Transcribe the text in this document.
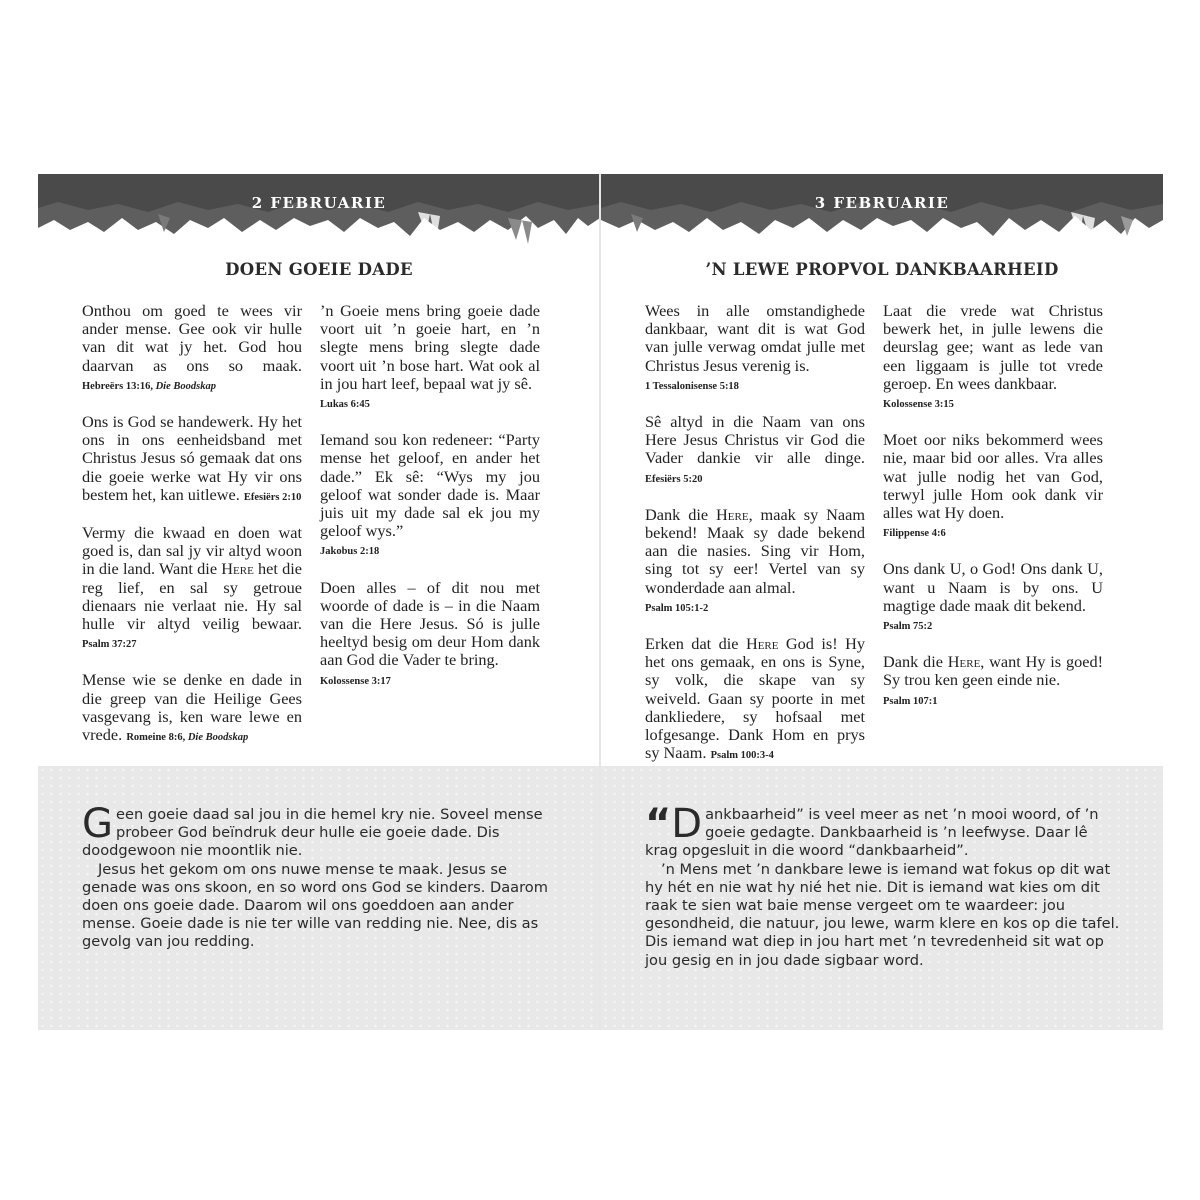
2 FEBRUARIE
DOEN GOEIE DADE
Onthou om goed te wees vir ander mense. Gee ook vir hulle van dit wat jy het. God hou daarvan as ons so maak. Hebreërs 13:16, Die Boodskap
Ons is God se handewerk. Hy het ons in ons eenheidsband met Christus Jesus só gemaak dat ons die goeie werke wat Hy vir ons bestem het, kan uitlewe. Efesiërs 2:10
Vermy die kwaad en doen wat goed is, dan sal jy vir altyd woon in die land. Want die Here het die reg lief, en sal sy getroue dienaars nie verlaat nie. Hy sal hulle vir altyd veilig bewaar. Psalm 37:27
Mense wie se denke en dade in die greep van die Heilige Gees vasgevang is, ken ware lewe en vrede. Romeine 8:6, Die Boodskap
’n Goeie mens bring goeie dade voort uit ’n goeie hart, en ’n slegte mens bring slegte dade voort uit ’n bose hart. Wat ook al in jou hart leef, bepaal wat jy sê.
Lukas 6:45
Iemand sou kon redeneer: “Party mense het geloof, en ander het dade.” Ek sê: “Wys my jou geloof wat sonder dade is. Maar juis uit my dade sal ek jou my geloof wys.”
Jakobus 2:18
Doen alles – of dit nou met woorde of dade is – in die Naam van die Here Jesus. Só is julle heeltyd besig om deur Hom dank aan God die Vader te bring.
Kolossense 3:17

Geen goeie daad sal jou in die hemel kry nie. Soveel mense probeer God beïndruk deur hulle eie goeie dade. Dis doodgewoon nie moontlik nie.

Jesus het gekom om ons nuwe mense te maak. Jesus se genade was ons skoon, en so word ons God se kinders. Daarom doen ons goeie dade. Daarom wil ons goeddoen aan ander mense. Goeie dade is nie ter wille van redding nie. Nee, dis as gevolg van jou redding.

3 FEBRUARIE
’N LEWE PROPVOL DANKBAARHEID
Wees in alle omstandighede dankbaar, want dit is wat God van julle verwag omdat julle met Christus Jesus verenig is.
1 Tessalonisense 5:18
Sê altyd in die Naam van ons Here Jesus Christus vir God die Vader dankie vir alle dinge. Efesiërs 5:20
Dank die Here, maak sy Naam bekend! Maak sy dade bekend aan die nasies. Sing vir Hom, sing tot sy eer! Vertel van sy wonderdade aan almal.
Psalm 105:1-2
Erken dat die Here God is! Hy het ons gemaak, en ons is Syne, sy volk, die skape van sy weiveld. Gaan sy poorte in met dankliedere, sy hofsaal met lofgesange. Dank Hom en prys sy Naam. Psalm 100:3-4
Laat die vrede wat Christus bewerk het, in julle lewens die deurslag gee; want as lede van een liggaam is julle tot vrede geroep. En wees dankbaar.
Kolossense 3:15
Moet oor niks bekommerd wees nie, maar bid oor alles. Vra alles wat julle nodig het van God, terwyl julle Hom ook dank vir alles wat Hy doen.
Filippense 4:6
Ons dank U, o God! Ons dank U, want u Naam is by ons. U magtige dade maak dit bekend.
Psalm 75:2
Dank die Here, want Hy is goed! Sy trou ken geen einde nie.
Psalm 107:1

“D ankbaarheid” is veel meer as net ’n mooi woord, of ’n goeie gedagte. Dankbaarheid is ’n leefwyse. Daar lê krag opgesluit in die woord “dankbaarheid”.

’n Mens met ’n dankbare lewe is iemand wat fokus op dit wat hy hét en nie wat hy nié het nie. Dit is iemand wat kies om dit raak te sien wat baie mense vergeet om te waardeer: jou gesondheid, die natuur, jou lewe, warm klere en kos op die tafel. Dis iemand wat diep in jou hart met ’n tevredenheid sit wat op jou gesig en in jou dade sigbaar word.
